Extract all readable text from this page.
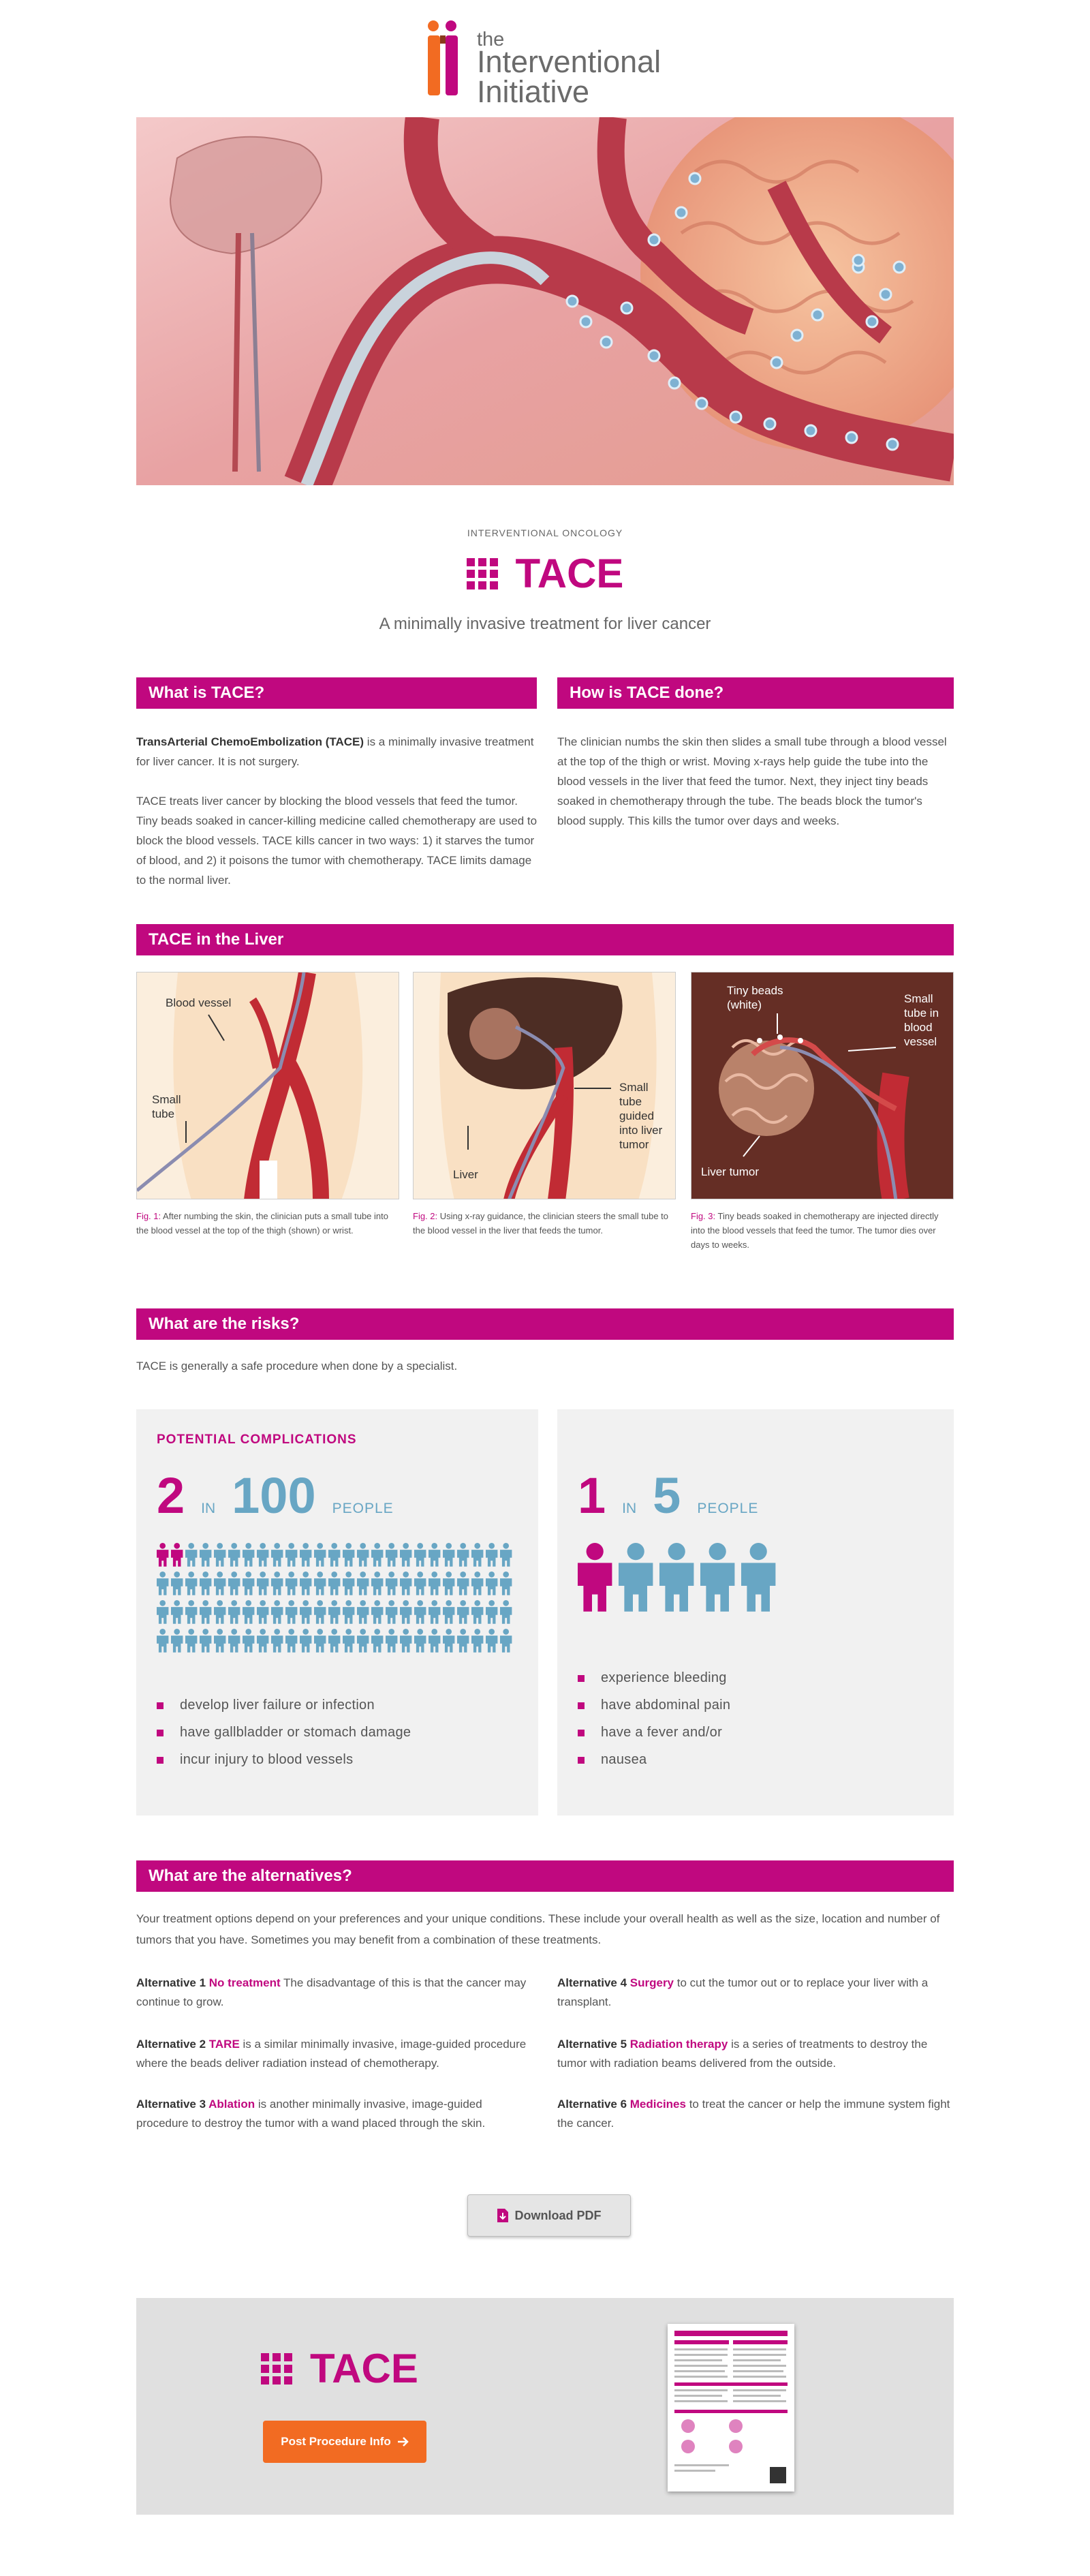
the
Interventional
Initiative
INTERVENTIONAL ONCOLOGY
TACE
A minimally invasive treatment for liver cancer
What is TACE?	How is TACE done?

TransArterial ChemoEmbolization (TACE) is a minimally invasive treatment for liver cancer. It is not surgery.

TACE treats liver cancer by blocking the blood vessels that feed the tumor. Tiny beads soaked in cancer-killing medicine called chemotherapy are used to block the blood vessels. TACE kills cancer in two ways: 1) it starves the tumor of blood, and 2) it poisons the tumor with chemotherapy. TACE limits damage to the normal liver.

The clinician numbs the skin then slides a small tube through a blood vessel at the top of the thigh or wrist. Moving x-rays help guide the tube into the blood vessels in the liver that feed the tumor. Next, they inject tiny beads soaked in chemotherapy through the tube. The beads block the tumor's blood supply. This kills the tumor over days and weeks.
TACE in the Liver
Blood vessel
Small
tube
Small
tube
guided
into liver
tumor
Liver
Tiny beads
(white)	Small
tube in
blood
vessel
Liver tumor
Fig. 1: After numbing the skin, the clinician puts a small tube into the blood vessel at the top of the thigh (shown) or wrist.
Fig. 2: Using x-ray guidance, the clinician steers the small tube to the blood vessel in the liver that feeds the tumor.
Fig. 3: Tiny beads soaked in chemotherapy are injected directly into the blood vessels that feed the tumor. The tumor dies over days to weeks.
What are the risks?
TACE is generally a safe procedure when done by a specialist.
POTENTIAL COMPLICATIONS
2 IN 100 PEOPLE
develop liver failure or infection
have gallbladder or stomach damage
incur injury to blood vessels
1 IN 5 PEOPLE
experience bleeding
have abdominal pain
have a fever and/or
nausea
What are the alternatives?
Your treatment options depend on your preferences and your unique conditions. These include your overall health as well as the size, location and number of tumors that you have. Sometimes you may benefit from a combination of these treatments.
Alternative 1 No treatment The disadvantage of this is that the cancer may continue to grow.
Alternative 2 TARE is a similar minimally invasive, image-guided procedure where the beads deliver radiation instead of chemotherapy.
Alternative 3 Ablation is another minimally invasive, image-guided procedure to destroy the tumor with a wand placed through the skin.
Alternative 4 Surgery to cut the tumor out or to replace your liver with a transplant.
Alternative 5 Radiation therapy is a series of treatments to destroy the tumor with radiation beams delivered from the outside.
Alternative 6 Medicines to treat the cancer or help the immune system fight the cancer.
Download PDF
TACE
Post Procedure Info
